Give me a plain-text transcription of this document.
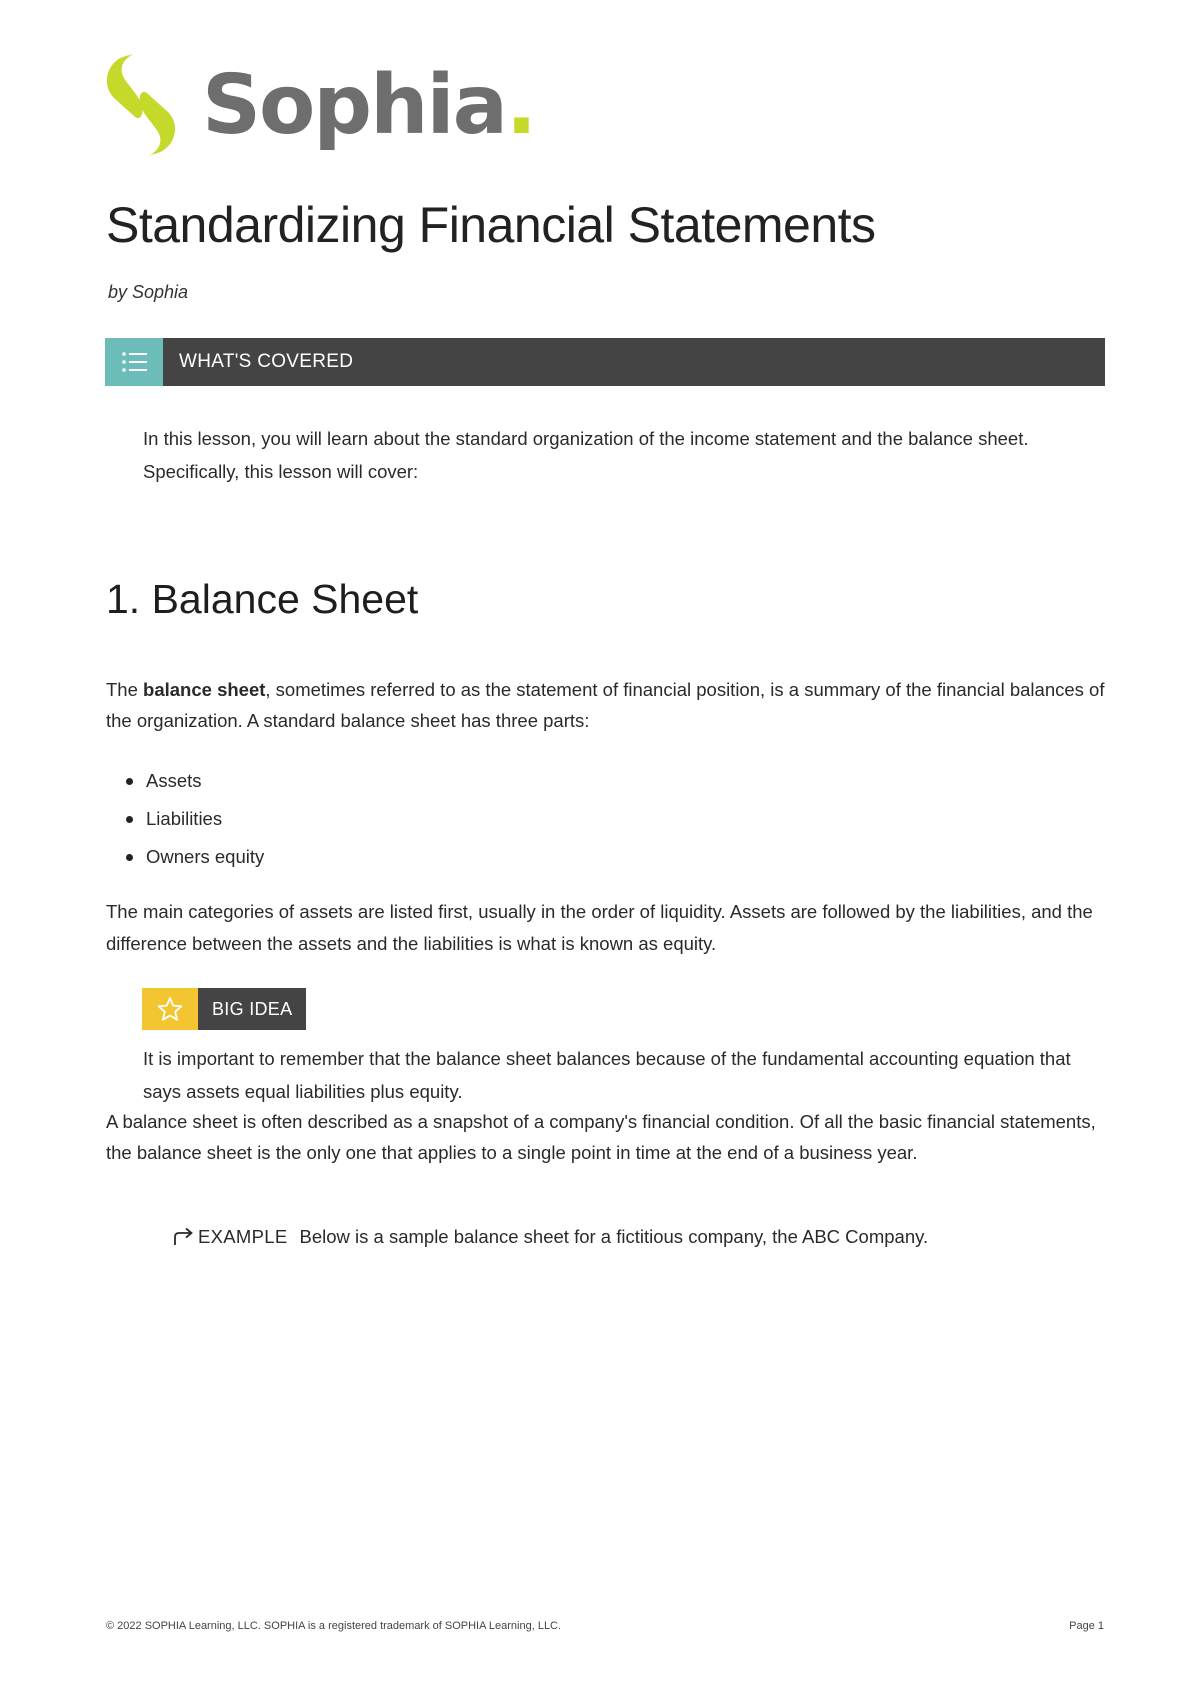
Sophia.
Standardizing Financial Statements
by Sophia
WHAT'S COVERED

In this lesson, you will learn about the standard organization of the income statement and the balance sheet. Specifically, this lesson will cover:

1. Balance Sheet

The balance sheet, sometimes referred to as the statement of financial position, is a summary of the financial balances of the organization. A standard balance sheet has three parts:

Assets
Liabilities
Owners equity

The main categories of assets are listed first, usually in the order of liquidity. Assets are followed by the liabilities, and the difference between the assets and the liabilities is what is known as equity.

BIG IDEA

It is important to remember that the balance sheet balances because of the fundamental accounting equation that says assets equal liabilities plus equity.

A balance sheet is often described as a snapshot of a company's financial condition. Of all the basic financial statements, the balance sheet is the only one that applies to a single point in time at the end of a business year.

EXAMPLE Below is a sample balance sheet for a fictitious company, the ABC Company.
© 2022 SOPHIA Learning, LLC. SOPHIA is a registered trademark of SOPHIA Learning, LLC.	Page 1
